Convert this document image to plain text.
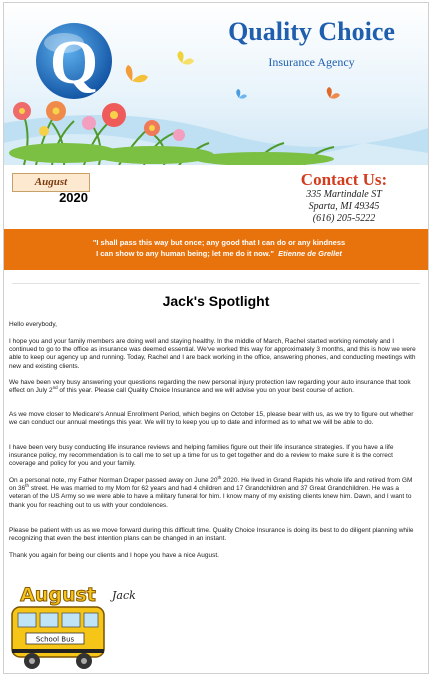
Q	Quality Choice
Insurance Agency
August
2020
Contact Us:
335 Martindale ST
Sparta, MI 49345
(616) 205-5222
"I shall pass this way but once; any good that I can do or any kindness
I can show to any human being; let me do it now." Etienne de Grellet
Jack's Spotlight
Hello everybody,
I hope you and your family members are doing well and staying healthy. In the middle of March, Rachel started working remotely and I continued to go to the office as insurance was deemed essential. We've worked this way for approximately 3 months, and this is how we were able to keep our agency up and running. Today, Rachel and I are back working in the office, answering phones, and conducting meetings with new and existing clients.
We have been very busy answering your questions regarding the new personal injury protection law regarding your auto insurance that took effect on July 2nd of this year. Please call Quality Choice Insurance and we will advise you on your best course of action.
As we move closer to Medicare's Annual Enrollment Period, which begins on October 15, please bear with us, as we try to figure out whether we can conduct our annual meetings this year. We will try to keep you up to date and informed as to what we will be able to do.
I have been very busy conducting life insurance reviews and helping families figure out their life insurance strategies. If you have a life insurance policy, my recommendation is to call me to set up a time for us to get together and do a review to make sure it is the correct coverage and policy for you and your family.
On a personal note, my Father Norman Draper passed away on June 20th 2020. He lived in Grand Rapids his whole life and retired from GM on 36th street. He was married to my Mom for 62 years and had 4 children and 17 Grandchildren and 37 Great Grandchildren. He was a veteran of the US Army so we were able to have a military funeral for him. I know many of my existing clients knew him. Dawn, and I want to thank you for reaching out to us with your condolences.
Please be patient with us as we move forward during this difficult time. Quality Choice Insurance is doing its best to do diligent planning while recognizing that even the best intention plans can be changed in an instant.
Thank you again for being our clients and I hope you have a nice August.
August
School Bus
Jack
